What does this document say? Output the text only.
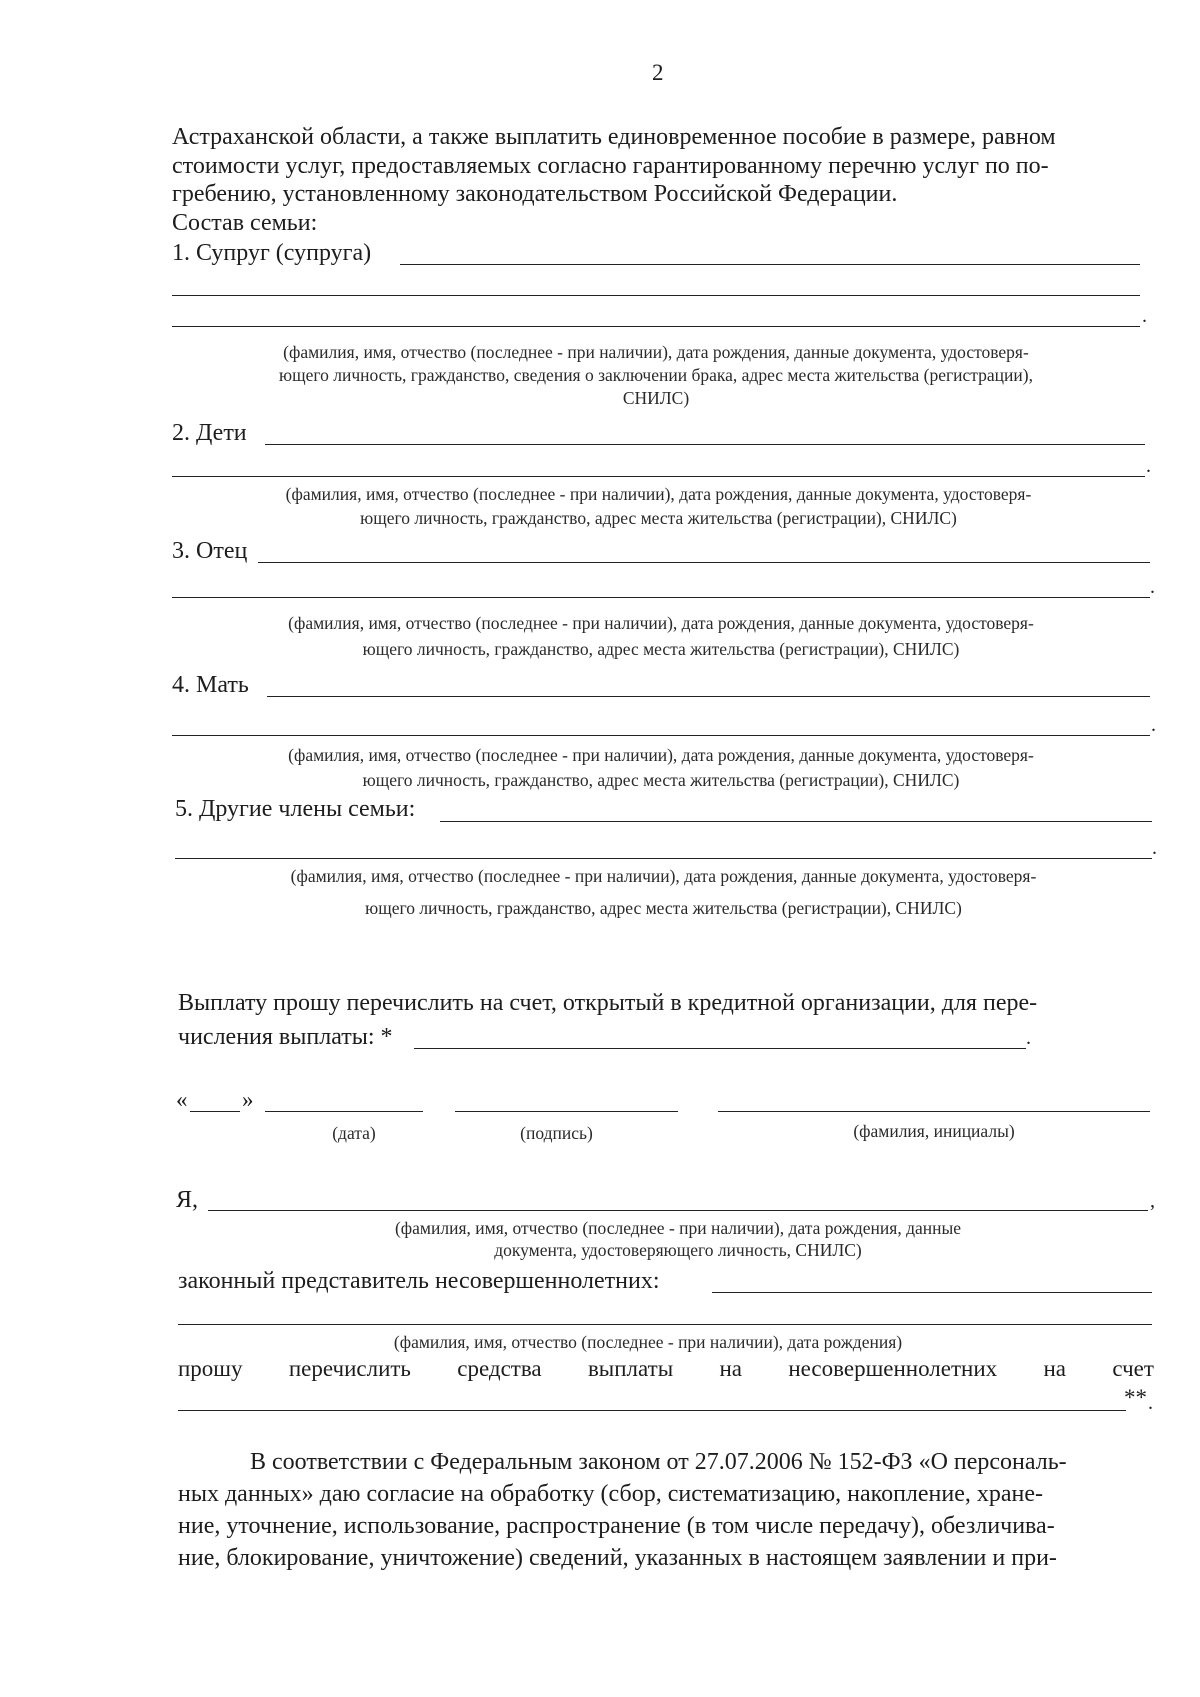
2
Астраханской области, а также выплатить единовременное пособие в размере, равном
стоимости услуг, предоставляемых согласно гарантированному перечню услуг по по-
гребению, установленному законодательством Российской Федерации.
Состав семьи:
1. Супруг (супруга)
.
(фамилия, имя, отчество (последнее - при наличии), дата рождения, данные документа, удостоверя-
ющего личность, гражданство, сведения о заключении брака, адрес места жительства (регистрации),
СНИЛС)
2. Дети
.
(фамилия, имя, отчество (последнее - при наличии), дата рождения, данные документа, удостоверя-
ющего личность, гражданство, адрес места жительства (регистрации), СНИЛС)
3. Отец
.
(фамилия, имя, отчество (последнее - при наличии), дата рождения, данные документа, удостоверя-
ющего личность, гражданство, адрес места жительства (регистрации), СНИЛС)
4. Мать
.
(фамилия, имя, отчество (последнее - при наличии), дата рождения, данные документа, удостоверя-
ющего личность, гражданство, адрес места жительства (регистрации), СНИЛС)
5. Другие члены семьи:
.
(фамилия, имя, отчество (последнее - при наличии), дата рождения, данные документа, удостоверя-
ющего личность, гражданство, адрес места жительства (регистрации), СНИЛС)
Выплату прошу перечислить на счет, открытый в кредитной организации, для пере-
числения выплаты: *	.
« »
(дата)	(подпись)	(фамилия, инициалы)
Я,	,
(фамилия, имя, отчество (последнее - при наличии), дата рождения, данные
документа, удостоверяющего личность, СНИЛС)
законный представитель несовершеннолетних:
(фамилия, имя, отчество (последнее - при наличии), дата рождения)
прошу перечислить средства выплаты на несовершеннолетних на счет
** .
В соответствии с Федеральным законом от 27.07.2006 № 152-ФЗ «О персональ-
ных данных» даю согласие на обработку (сбор, систематизацию, накопление, хране-
ние, уточнение, использование, распространение (в том числе передачу), обезличива-
ние, блокирование, уничтожение) сведений, указанных в настоящем заявлении и при-
